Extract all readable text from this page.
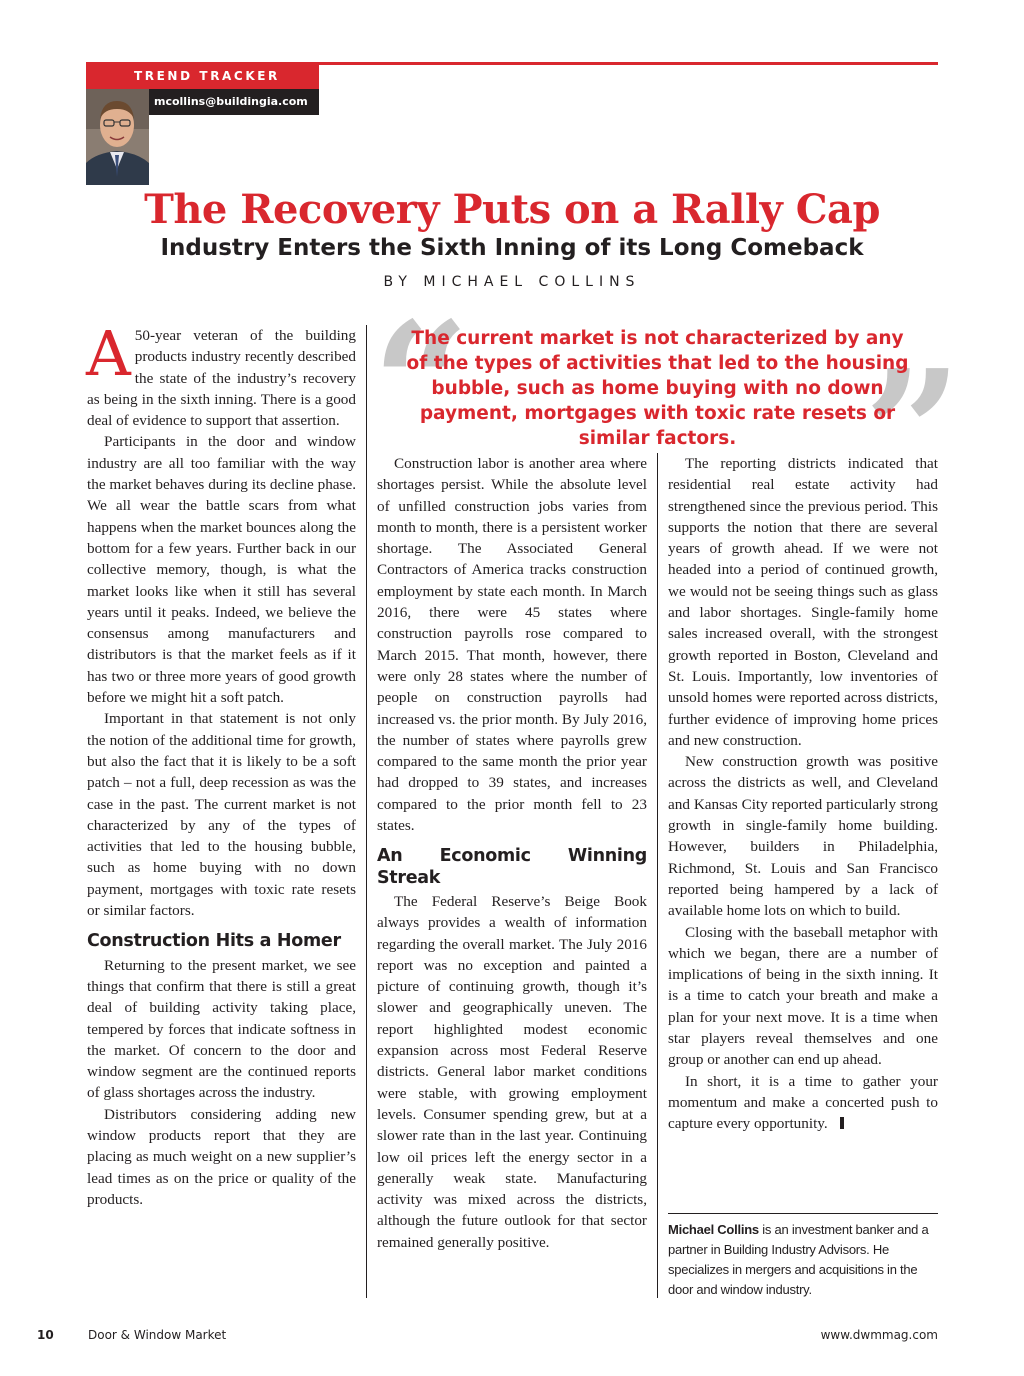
TREND TRACKER
mcollins@buildingia.com
The Recovery Puts on a Rally Cap
Industry Enters the Sixth Inning of its Long Comeback
BY MICHAEL COLLINS

A 50-year veteran of the building products industry recently described the state of the industry’s recovery as being in the sixth inning. There is a good deal of evidence to support that assertion.

Participants in the door and window industry are all too familiar with the way the market behaves during its decline phase. We all wear the battle scars from what happens when the market bounces along the bottom for a few years. Further back in our collective memory, though, is what the market looks like when it still has several years until it peaks. Indeed, we believe the consensus among manufacturers and distributors is that the market feels as if it has two or three more years of good growth before we might hit a soft patch.

Important in that statement is not only the notion of the additional time for growth, but also the fact that it is likely to be a soft patch – not a full, deep recession as was the case in the past. The current market is not characterized by any of the types of activities that led to the housing bubble, such as home buying with no down payment, mortgages with toxic rate resets or similar factors.

Construction Hits a Homer

Returning to the present market, we see things that confirm that there is still a great deal of building activity taking place, tempered by forces that indicate softness in the market. Of concern to the door and window segment are the continued reports of glass shortages across the industry.

Distributors considering adding new window products report that they are placing as much weight on a new supplier’s lead times as on the price or quality of the products.

“ ”
The current market is not characterized by any of the types of activities that led to the housing bubble, such as home buying with no down payment, mortgages with toxic rate resets or similar factors.

Construction labor is another area where shortages persist. While the absolute level of unfilled construction jobs varies from month to month, there is a persistent worker shortage. The Associated General Contractors of America tracks construction employment by state each month. In March 2016, there were 45 states where construction payrolls rose compared to March 2015. That month, however, there were only 28 states where the number of people on construction payrolls had increased vs. the prior month. By July 2016, the number of states where payrolls grew compared to the same month the prior year had dropped to 39 states, and increases compared to the prior month fell to 23 states.

An Economic Winning Streak

The Federal Reserve’s Beige Book always provides a wealth of information regarding the overall market. The July 2016 report was no exception and painted a picture of continuing growth, though it’s slower and geographically uneven. The report highlighted modest economic expansion across most Federal Reserve districts. General labor market conditions were stable, with growing employment levels. Consumer spending grew, but at a slower rate than in the last year. Continuing low oil prices left the energy sector in a generally weak state. Manufacturing activity was mixed across the districts, although the future outlook for that sector remained generally positive.

The reporting districts indicated that residential real estate activity had strengthened since the previous period. This supports the notion that there are several years of growth ahead. If we were not headed into a period of continued growth, we would not be seeing things such as glass and labor shortages. Single-family home sales increased overall, with the strongest growth reported in Boston, Cleveland and St. Louis. Importantly, low inventories of unsold homes were reported across districts, further evidence of improving home prices and new construction.

New construction growth was positive across the districts as well, and Cleveland and Kansas City reported particularly strong growth in single-family home building. However, builders in Philadelphia, Richmond, St. Louis and San Francisco reported being hampered by a lack of available home lots on which to build.

Closing with the baseball metaphor with which we began, there are a number of implications of being in the sixth inning. It is a time to catch your breath and make a plan for your next move. It is a time when star players reveal themselves and one group or another can end up ahead.

In short, it is a time to gather your momentum and make a concerted push to capture every opportunity.

Michael Collins is an investment banker and a partner in Building Industry Advisors. He specializes in mergers and acquisitions in the door and window industry.
10	Door & Window Market	www.dwmmag.com
